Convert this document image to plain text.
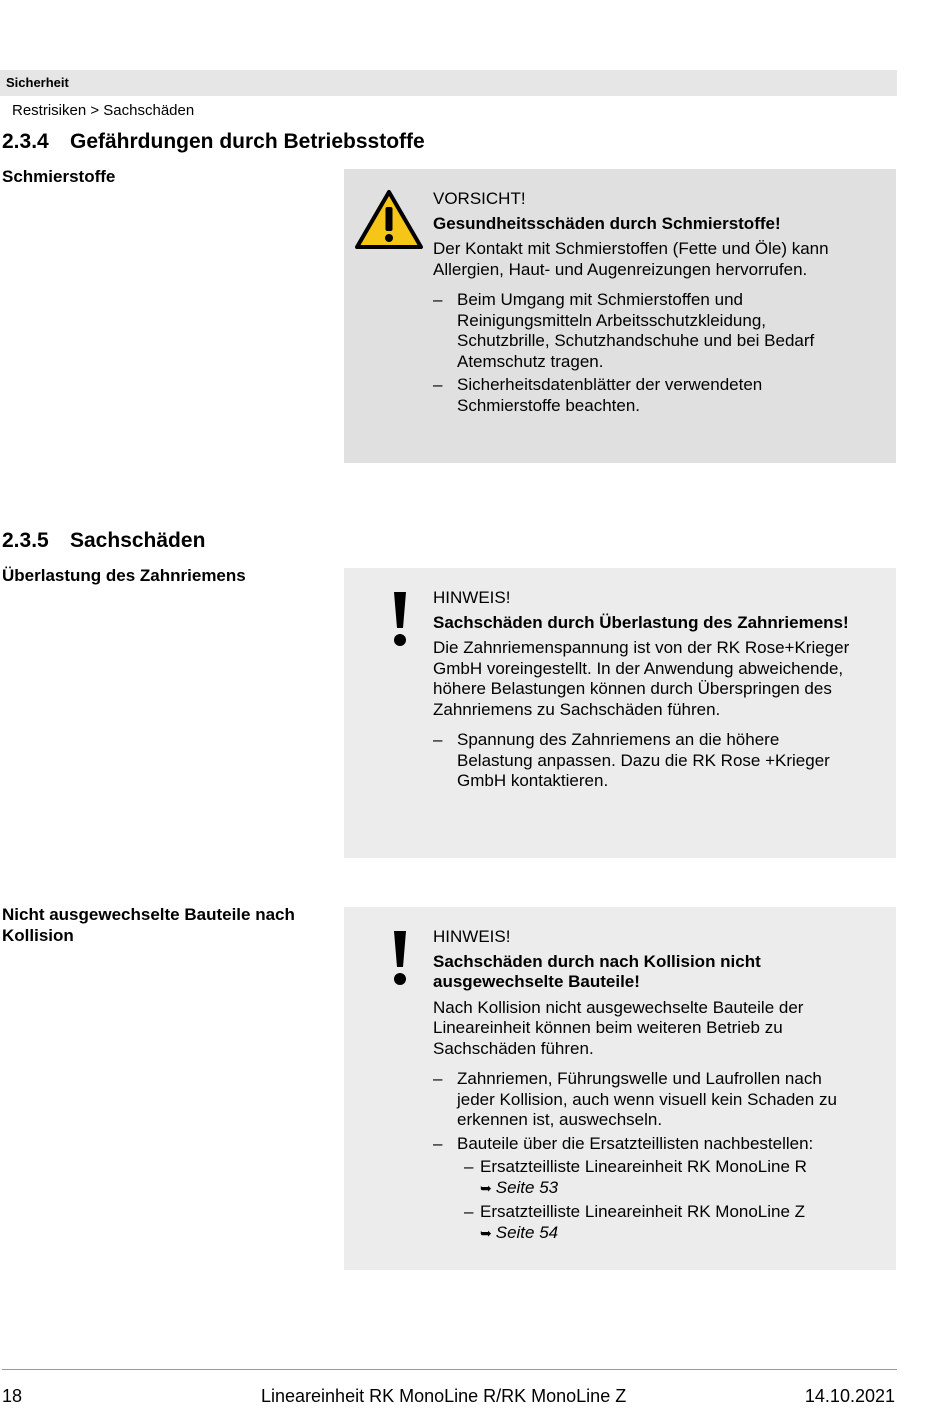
Sicherheit
Restrisiken > Sachschäden
2.3.4 Gefährdungen durch Betriebsstoffe
Schmierstoffe
VORSICHT!
Gesundheitsschäden durch Schmierstoffe!
Der Kontakt mit Schmierstoffen (Fette und Öle) kann Allergien, Haut- und Augenreizungen hervorrufen.
– Beim Umgang mit Schmierstoffen und Reinigungsmitteln Arbeitsschutzkleidung, Schutzbrille, Schutzhandschuhe und bei Bedarf Atemschutz tragen.
– Sicherheitsdatenblätter der verwendeten Schmierstoffe beachten.
2.3.5 Sachschäden
Überlastung des Zahnriemens
HINWEIS!
Sachschäden durch Überlastung des Zahnriemens!
Die Zahnriemenspannung ist von der RK Rose+Krieger GmbH voreingestellt. In der Anwendung abweichende, höhere Belastungen können durch Überspringen des Zahnriemens zu Sachschäden führen.
– Spannung des Zahnriemens an die höhere Belastung anpassen. Dazu die RK Rose +Krieger GmbH kontaktieren.
Nicht ausgewechselte Bauteile nach Kollision	HINWEIS!
Sachschäden durch nach Kollision nicht ausgewechselte Bauteile!
Nach Kollision nicht ausgewechselte Bauteile der Lineareinheit können beim weiteren Betrieb zu Sachschäden führen.
– Zahnriemen, Führungswelle und Laufrollen nach jeder Kollision, auch wenn visuell kein Schaden zu erkennen ist, auswechseln.
– Bauteile über die Ersatzteillisten nachbestellen:
– Ersatzteilliste Lineareinheit RK MonoLine R
➥ Seite 53
– Ersatzteilliste Lineareinheit RK MonoLine Z
➥ Seite 54
18	Lineareinheit RK MonoLine R/RK MonoLine Z	14.10.2021
